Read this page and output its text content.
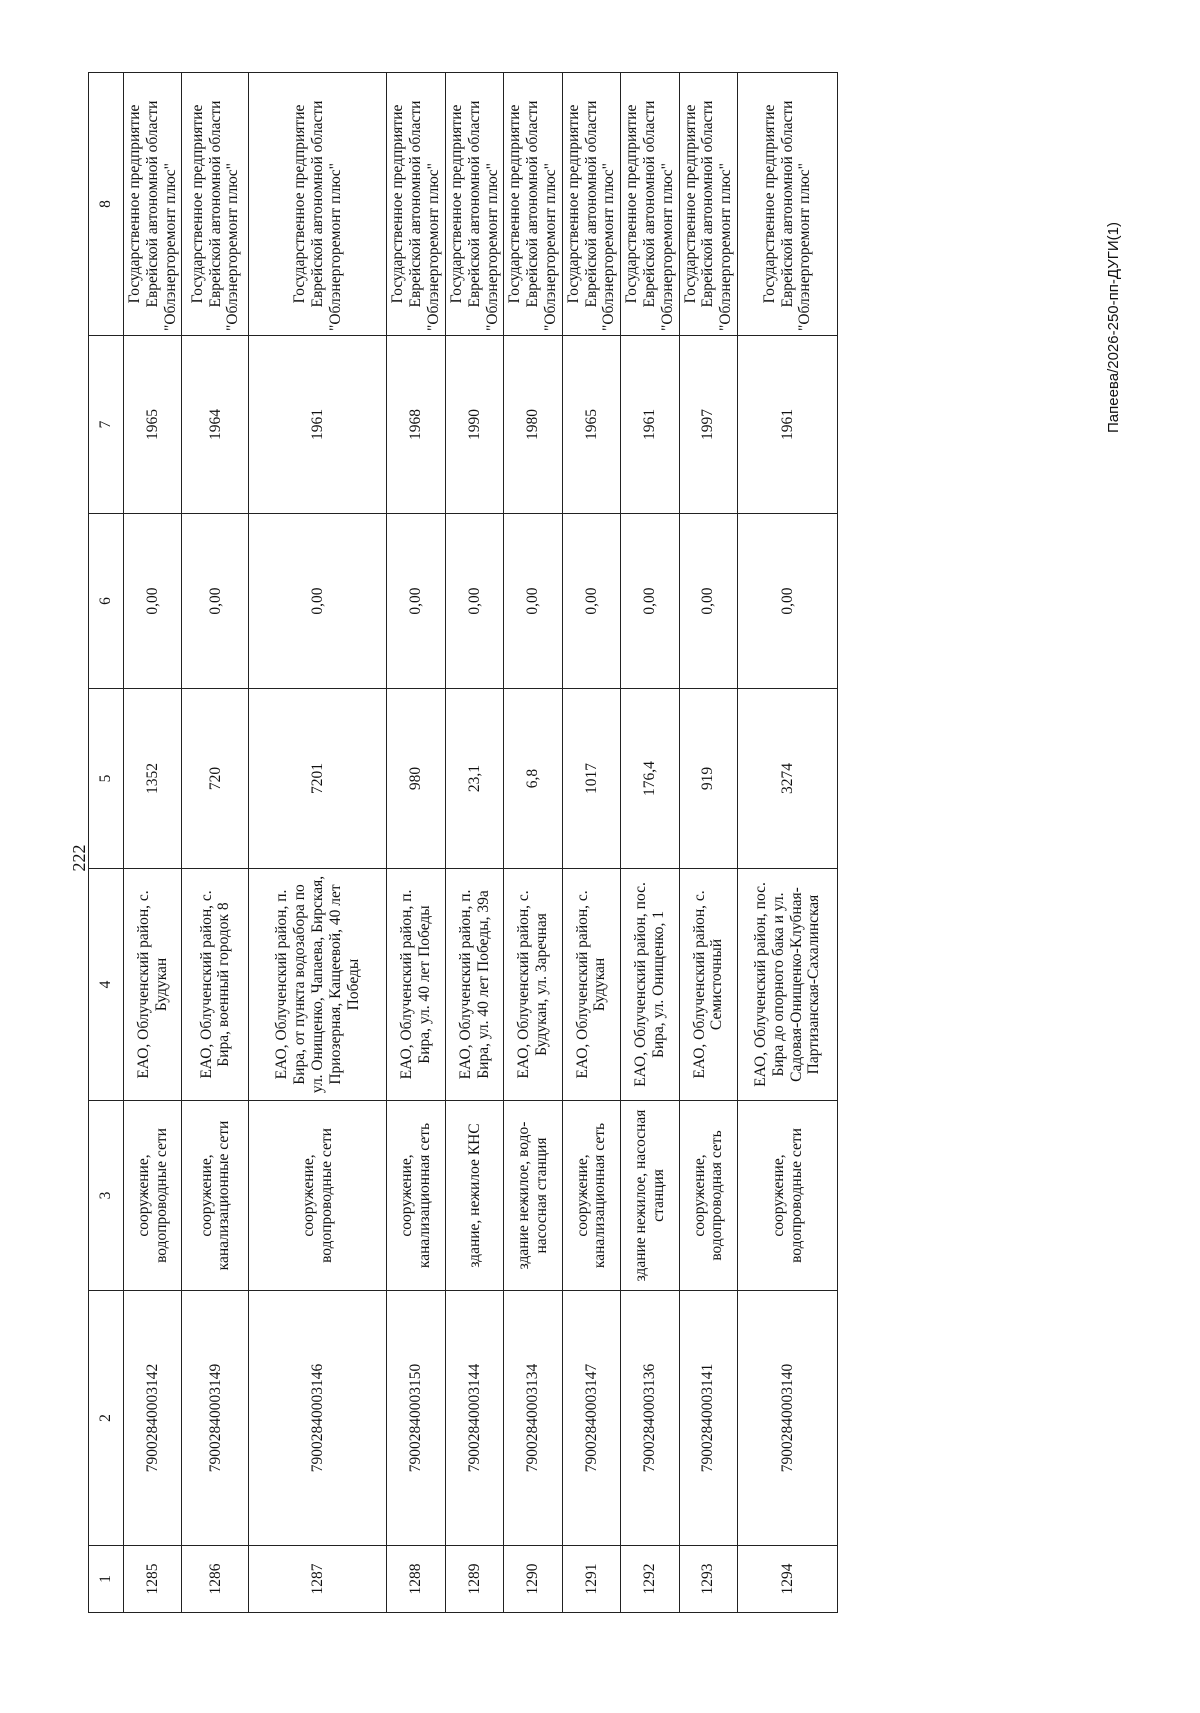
222
1	2	3	4	5	6	7	8
1285	79002840003142	сооружение, водопроводные сети	ЕАО, Облученский район, с. Будукан	1352	0,00	1965	Государственное предприятие Еврейской автономной области "Облэнергоремонт плюс"
1286	79002840003149	сооружение, канализационные сети	ЕАО, Облученский район, с. Бира, военный городок 8	720	0,00	1964	Государственное предприятие Еврейской автономной области "Облэнергоремонт плюс"
1287	79002840003146	сооружение, водопроводные сети	ЕАО, Облученский район, п. Бира, от пункта водозабора по ул. Онищенко, Чапаева, Бирская, Приозерная, Кащеевой, 40 лет Победы	7201	0,00	1961	Государственное предприятие Еврейской автономной области "Облэнергоремонт плюс"
1288	79002840003150	сооружение, канализационная сеть	ЕАО, Облученский район, п. Бира, ул. 40 лет Победы	980	0,00	1968	Государственное предприятие Еврейской автономной области "Облэнергоремонт плюс"
1289	79002840003144	здание, нежилое КНС	ЕАО, Облученский район, п. Бира, ул. 40 лет Победы, 39а	23,1	0,00	1990	Государственное предприятие Еврейской автономной области "Облэнергоремонт плюс"
1290	79002840003134	здание нежилое, водо-насосная станция	ЕАО, Облученский район, с. Будукан, ул. Заречная	6,8	0,00	1980	Государственное предприятие Еврейской автономной области "Облэнергоремонт плюс"
1291	79002840003147	сооружение, канализационная сеть	ЕАО, Облученский район, с. Будукан	1017	0,00	1965	Государственное предприятие Еврейской автономной области "Облэнергоремонт плюс"
1292	79002840003136	здание нежилое, насосная станция	ЕАО, Облученский район, пос. Бира, ул. Онищенко, 1	176,4	0,00	1961	Государственное предприятие Еврейской автономной области "Облэнергоремонт плюс"
1293	79002840003141	сооружение, водопроводная сеть	ЕАО, Облученский район, с. Семисточный	919	0,00	1997	Государственное предприятие Еврейской автономной области "Облэнергоремонт плюс"
1294	79002840003140	сооружение, водопроводные сети	ЕАО, Облученский район, пос. Бира до опорного бака и ул. Садовая-Онищенко-Клубная-Партизанская-Сахалинская	3274	0,00	1961	Государственное предприятие Еврейской автономной области "Облэнергоремонт плюс"	Папеева/2026-250-пп-ДУГИ(1)
